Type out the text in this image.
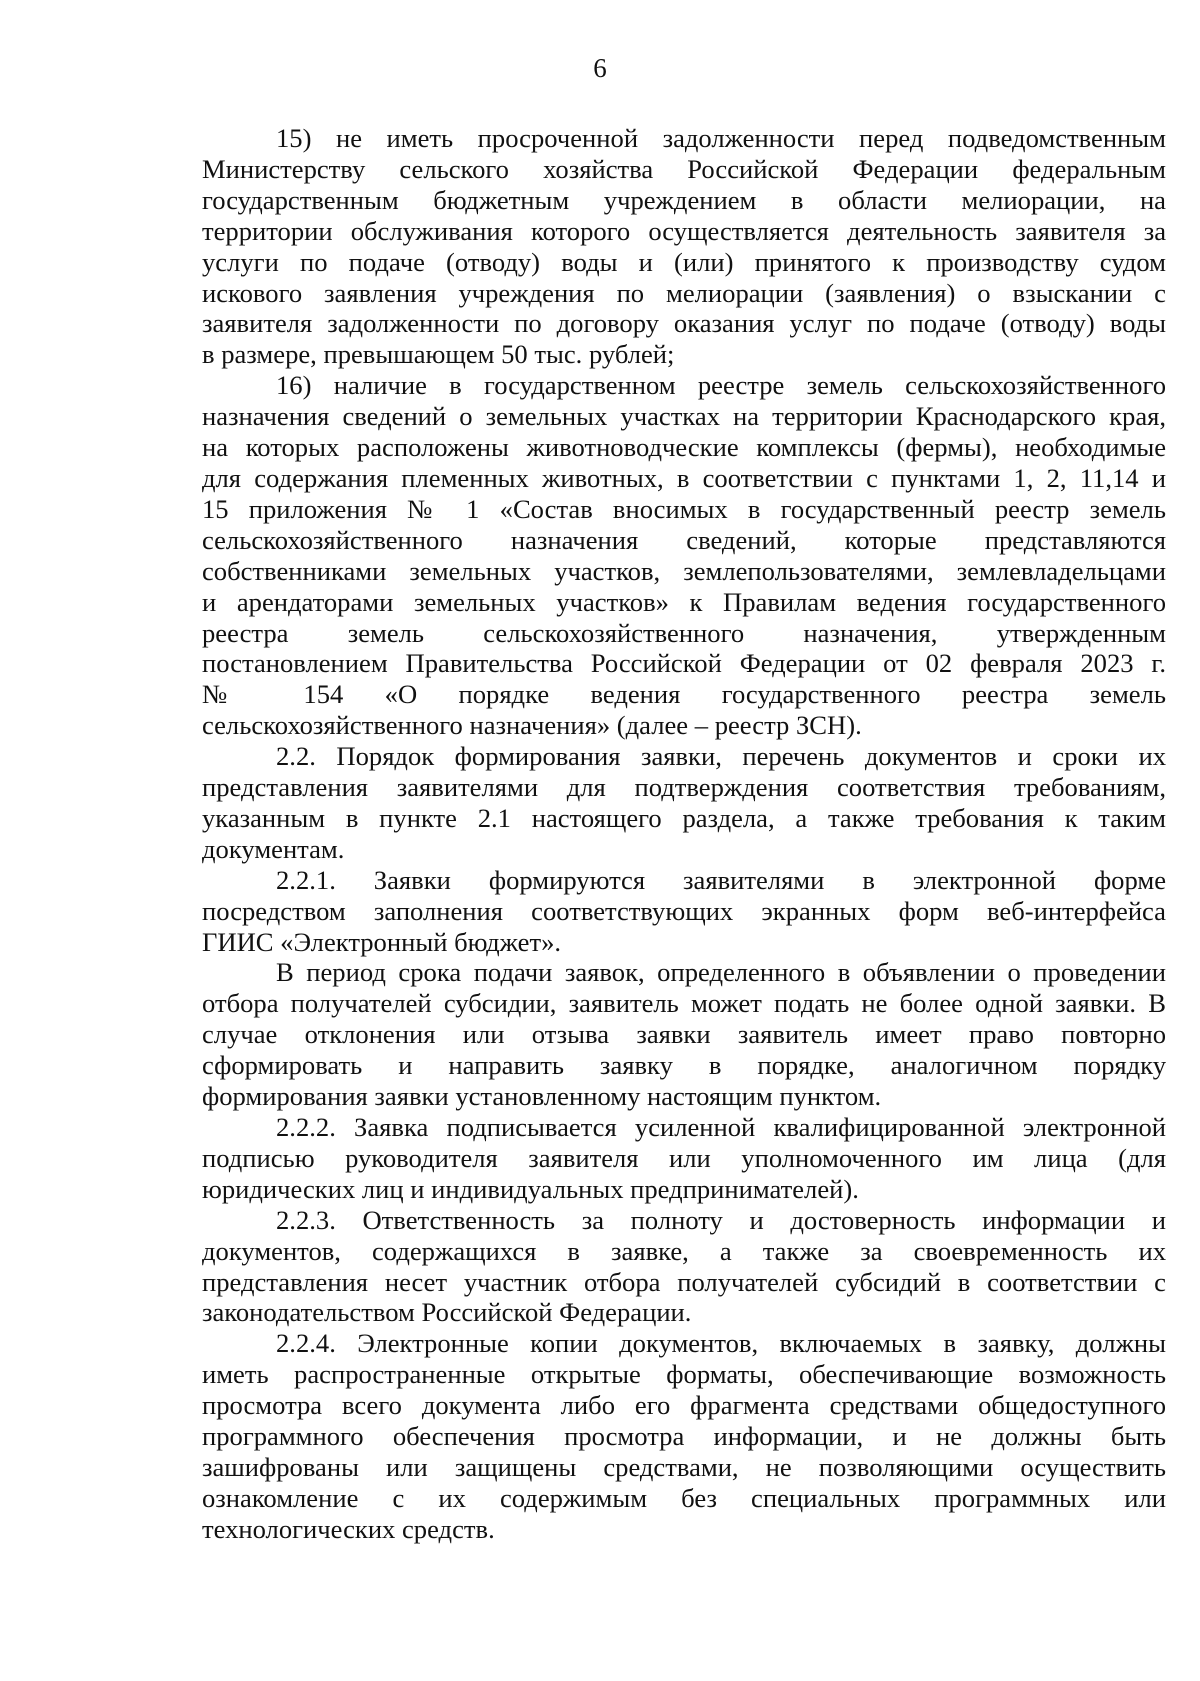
6
15) не иметь просроченной задолженности перед подведомственным
Министерству сельского хозяйства Российской Федерации федеральным
государственным бюджетным учреждением в области мелиорации, на
территории обслуживания которого осуществляется деятельность заявителя за
услуги по подаче (отводу) воды и (или) принятого к производству судом
искового заявления учреждения по мелиорации (заявления) о взыскании с
заявителя задолженности по договору оказания услуг по подаче (отводу) воды
в размере, превышающем 50 тыс. рублей;
16) наличие в государственном реестре земель сельскохозяйственного
назначения сведений о земельных участках на территории Краснодарского края,
на которых расположены животноводческие комплексы (фермы), необходимые
для содержания племенных животных, в соответствии с пунктами 1, 2, 11,14 и
15 приложения № 1 «Состав вносимых в государственный реестр земель
сельскохозяйственного назначения сведений, которые представляются
собственниками земельных участков, землепользователями, землевладельцами
и арендаторами земельных участков» к Правилам ведения государственного
реестра земель сельскохозяйственного назначения, утвержденным
постановлением Правительства Российской Федерации от 02 февраля 2023 г.
№ 154 «О порядке ведения государственного реестра земель
сельскохозяйственного назначения» (далее – реестр ЗСН).
2.2. Порядок формирования заявки, перечень документов и сроки их
представления заявителями для подтверждения соответствия требованиям,
указанным в пункте 2.1 настоящего раздела, а также требования к таким
документам.
2.2.1. Заявки формируются заявителями в электронной форме
посредством заполнения соответствующих экранных форм веб-интерфейса
ГИИС «Электронный бюджет».
В период срока подачи заявок, определенного в объявлении о проведении
отбора получателей субсидии, заявитель может подать не более одной заявки. В
случае отклонения или отзыва заявки заявитель имеет право повторно
сформировать и направить заявку в порядке, аналогичном порядку
формирования заявки установленному настоящим пунктом.
2.2.2. Заявка подписывается усиленной квалифицированной электронной
подписью руководителя заявителя или уполномоченного им лица (для
юридических лиц и индивидуальных предпринимателей).
2.2.3. Ответственность за полноту и достоверность информации и
документов, содержащихся в заявке, а также за своевременность их
представления несет участник отбора получателей субсидий в соответствии с
законодательством Российской Федерации.
2.2.4. Электронные копии документов, включаемых в заявку, должны
иметь распространенные открытые форматы, обеспечивающие возможность
просмотра всего документа либо его фрагмента средствами общедоступного
программного обеспечения просмотра информации, и не должны быть
зашифрованы или защищены средствами, не позволяющими осуществить
ознакомление с их содержимым без специальных программных или
технологических средств.
